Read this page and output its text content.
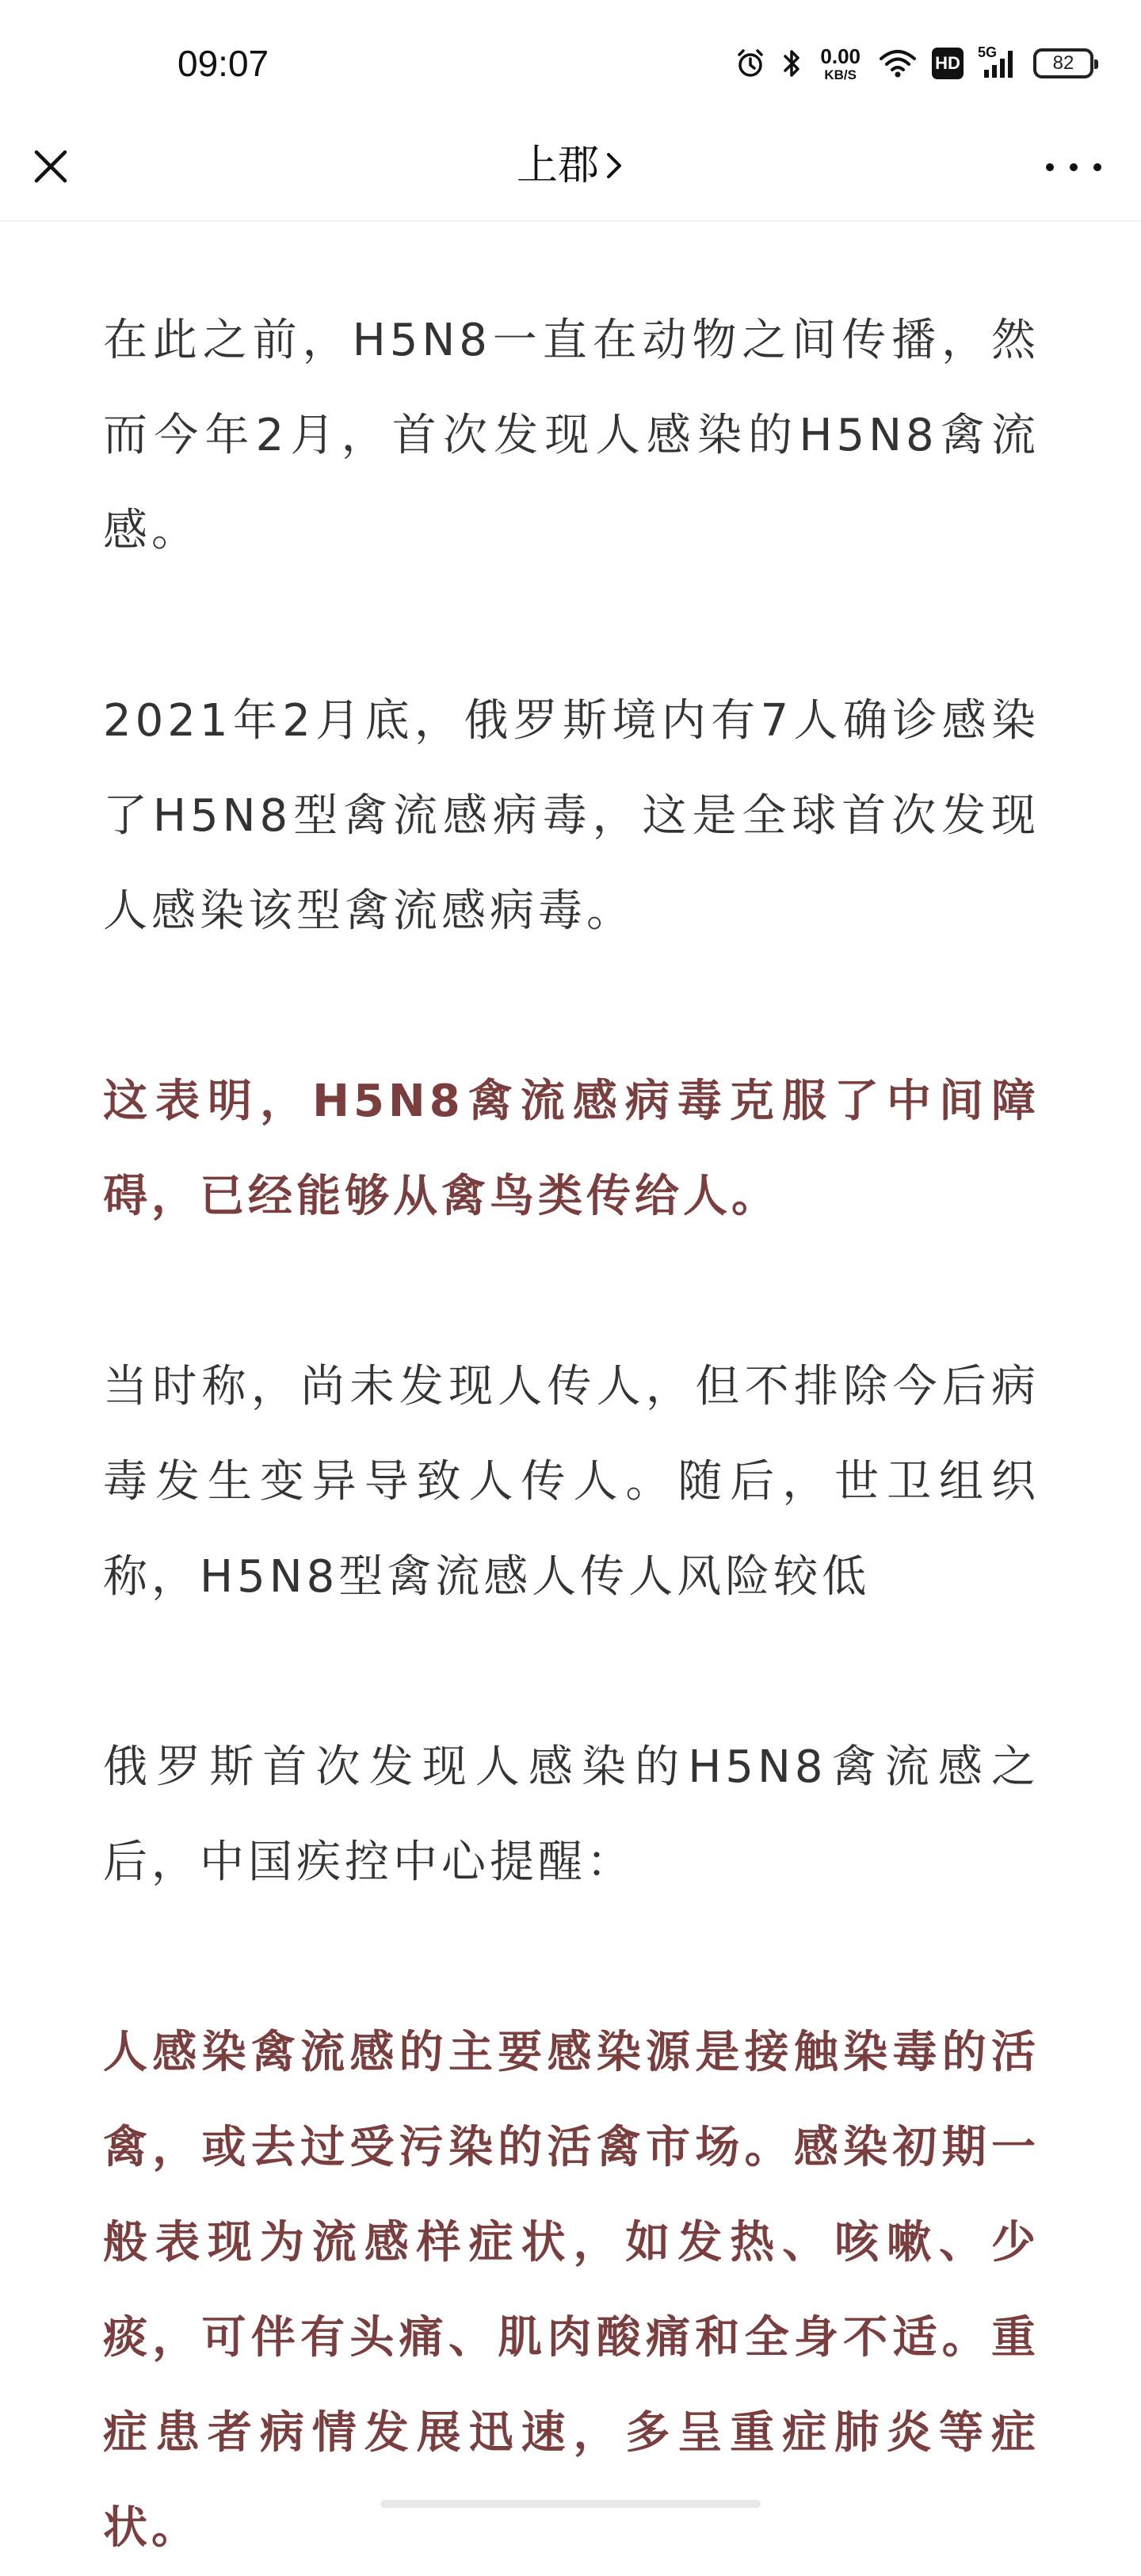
09:07	0.00
KB/S
HD
5G	82
上郡

在此之前，H5N8一直在动物之间传播，然而今年2月，首次发现人感染的H5N8禽流感。

2021年2月底，俄罗斯境内有7人确诊感染了H5N8型禽流感病毒，这是全球首次发现人感染该型禽流感病毒。

这表明，H5N8禽流感病毒克服了中间障碍，已经能够从禽鸟类传给人。

当时称，尚未发现人传人，但不排除今后病毒发生变异导致人传人。随后，世卫组织称，H5N8型禽流感人传人风险较低

俄罗斯首次发现人感染的H5N8禽流感之后，中国疾控中心提醒：

人感染禽流感的主要感染源是接触染毒的活禽，或去过受污染的活禽市场。感染初期一般表现为流感样症状，如发热、咳嗽、少痰，可伴有头痛、肌肉酸痛和全身不适。重症患者病情发展迅速，多呈重症肺炎等症状。
